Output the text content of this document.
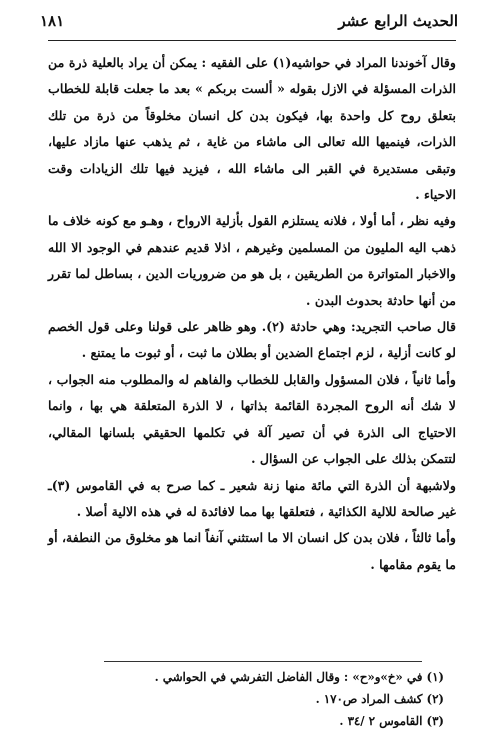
الحديث الرابع عشر
١٨١

وقال آخوندنا المراد في حواشيه(١) على الفقيه : يمكن أن يراد بالعلية ذرة من الذرات المسؤلة في الازل بقوله « ألست بربكم » بعد ما جعلت قابلة للخطاب بتعلق روح كل واحدة بها، فيكون بدن كل انسان مخلوقاً من ذرة من تلك الذرات، فينميها الله تعالى الى ماشاء من غاية ، ثم يذهب عنها مازاد عليها، وتبقى مستديرة في القبر الى ماشاء الله ، فيزيد فيها تلك الزيادات وقت الاحياء .

وفيه نظر ، أما أولا ، فلانه يستلزم القول بأزلية الارواح ، وهـو مع كونه خلاف ما ذهب اليه المليون من المسلمين وغيرهم ، اذلا قديم عندهم في الوجود الا الله والاخبار المتواترة من الطريقين ، بل هو من ضروريات الدين ، بساطل لما تقرر من أنها حادثة بحدوث البدن .

قال صاحب التجريد: وهي حادثة (٢). وهو ظاهر على قولنا وعلى قول الخصم لو كانت أزلية ، لزم اجتماع الضدين أو بطلان ما ثبت ، أو ثبوت ما يمتنع .

وأما ثانياً ، فلان المسؤول والقابل للخطاب والفاهم له والمطلوب منه الجواب ، لا شك أنه الروح المجردة القائمة بذاتها ، لا الذرة المتعلقة هي بها ، وانما الاحتياج الى الذرة في أن تصير آلة في تكلمها الحقيقي بلسانها المقالي، لتتمكن بذلك على الجواب عن السؤال .

ولاشبهة أن الذرة التي مائة منها زنة شعير ـ كما صرح به في القاموس (٣)ـ غير صالحة للالية الكذائية ، فتعلقها بها مما لافائدة له في هذه الالية أصلا .

وأما ثالثاً ، فلان بدن كل انسان الا ما استثني آنفاً انما هو مخلوق من النطفة، أو ما يقوم مقامها .

(١) في «خ»و«ح» : وقال الفاضل التفرشي في الحواشي .
(٢) كشف المراد ص١٧٠ .
(٣) القاموس ٢ /٣٤ .
